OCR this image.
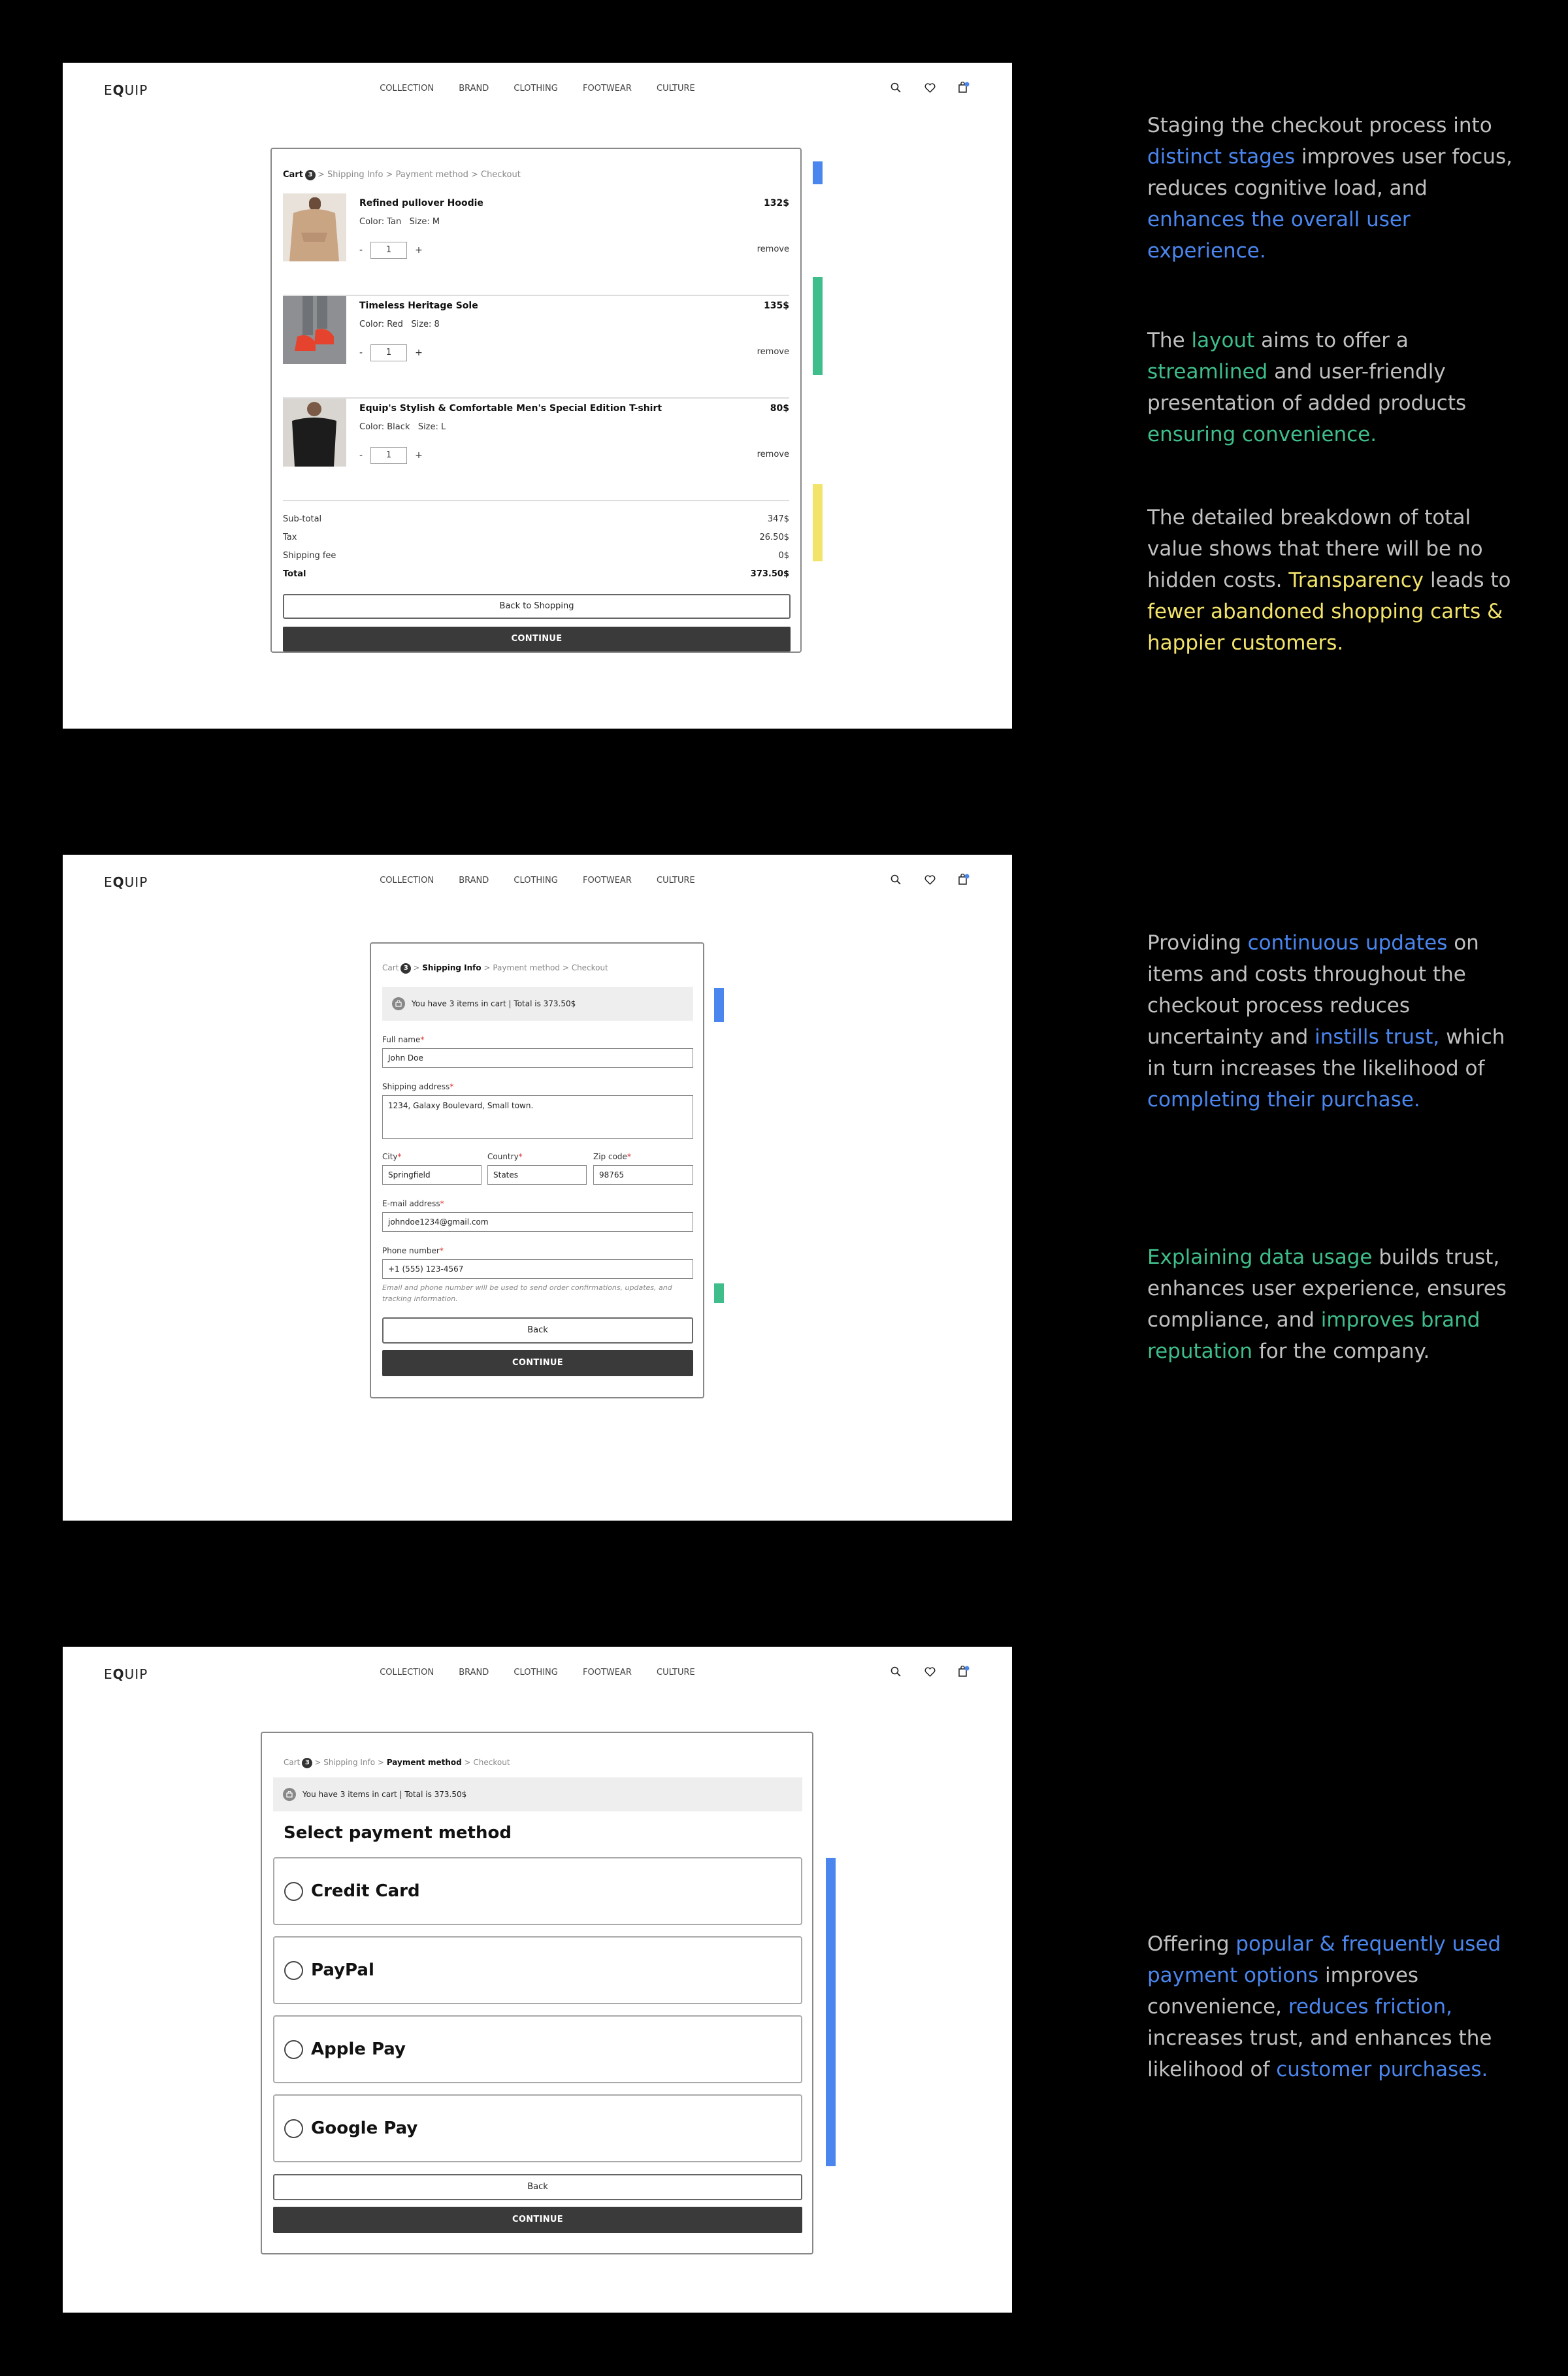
EQUIP	COLLECTION	BRAND	CLOTHING	FOOTWEAR	CULTURE
Cart 3 > Shipping Info > Payment method > Checkout
Refined pullover Hoodie	132$
Color: Tan Size: M
-	1	+	remove
Timeless Heritage Sole	135$
Color: Red Size: 8
-	1	+	remove
Equip's Stylish & Comfortable Men's Special Edition T-shirt	80$
Color: Black Size: L
-	1	+	remove
Sub-total	347$
Tax	26.50$
Shipping fee	0$
Total	373.50$
Back to Shopping
CONTINUE
EQUIP	COLLECTION	BRAND	CLOTHING	FOOTWEAR	CULTURE
Cart 3 > Shipping Info > Payment method > Checkout
You have 3 items in cart | Total is 373.50$
Full name*
John Doe
Shipping address*
1234, Galaxy Boulevard, Small town.
City*
Springfield
Country*
States
Zip code*
98765
E-mail address*
johndoe1234@gmail.com
Phone number*
+1 (555) 123-4567
Email and phone number will be used to send order confirmations, updates, and tracking information.
Back
CONTINUE
EQUIP	COLLECTION	BRAND	CLOTHING	FOOTWEAR	CULTURE
Cart 3 > Shipping Info > Payment method > Checkout
You have 3 items in cart | Total is 373.50$
Select payment method
Credit Card
PayPal
Apple Pay
Google Pay
Back
CONTINUE
Staging the checkout process into distinct stages improves user focus, reduces cognitive load, and enhances the overall user experience.
The layout aims to offer a streamlined and user-friendly presentation of added products ensuring convenience.
The detailed breakdown of total value shows that there will be no hidden costs. Transparency leads to fewer abandoned shopping carts & happier customers.
Providing continuous updates on items and costs throughout the checkout process reduces uncertainty and instills trust, which in turn increases the likelihood of completing their purchase.
Explaining data usage builds trust, enhances user experience, ensures compliance, and improves brand reputation for the company.
Offering popular & frequently used payment options improves convenience, reduces friction, increases trust, and enhances the likelihood of customer purchases.
